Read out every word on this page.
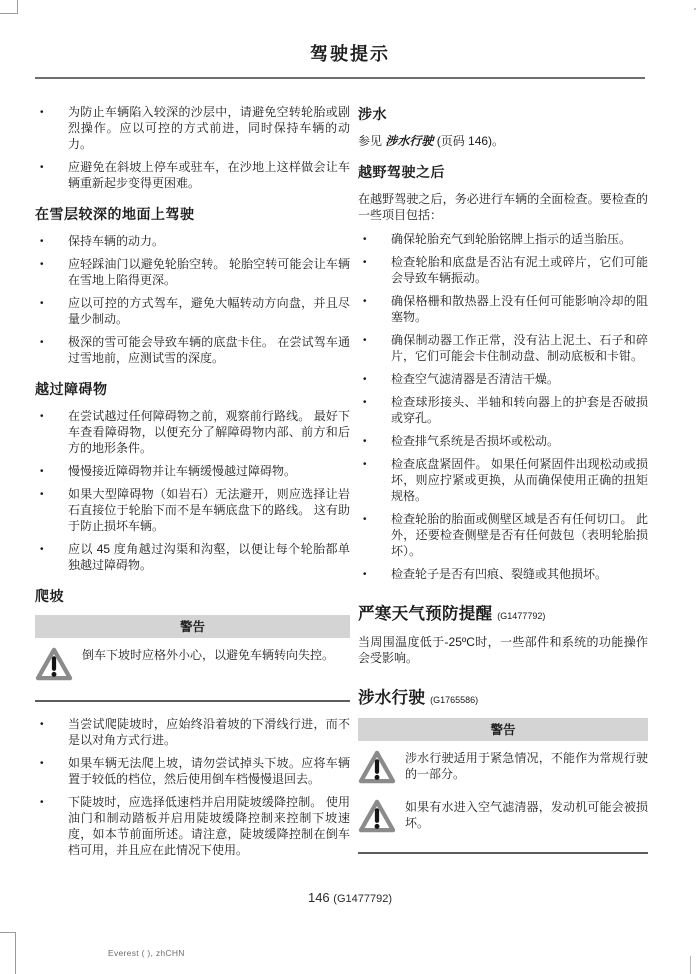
驾驶提示
• 为防止车辆陷入较深的沙层中，请避免空转轮胎或剧烈操作。应以可控的方式前进，同时保持车辆的动力。
• 应避免在斜坡上停车或驻车，在沙地上这样做会让车辆重新起步变得更困难。
在雪层较深的地面上驾驶
• 保持车辆的动力。
• 应轻踩油门以避免轮胎空转。 轮胎空转可能会让车辆在雪地上陷得更深。
• 应以可控的方式驾车，避免大幅转动方向盘，并且尽量少制动。
• 极深的雪可能会导致车辆的底盘卡住。 在尝试驾车通过雪地前，应测试雪的深度。
越过障碍物
• 在尝试越过任何障碍物之前，观察前行路线。 最好下车查看障碍物，以便充分了解障碍物内部、前方和后方的地形条件。
• 慢慢接近障碍物并让车辆缓慢越过障碍物。
• 如果大型障碍物（如岩石）无法避开，则应选择让岩石直接位于轮胎下而不是车辆底盘下的路线。 这有助于防止损坏车辆。
• 应以 45 度角越过沟渠和沟壑，以便让每个轮胎都单独越过障碍物。
爬坡
警告
倒车下坡时应格外小心，以避免车辆转向失控。
• 当尝试爬陡坡时，应始终沿着坡的下滑线行进，而不是以对角方式行进。
• 如果车辆无法爬上坡，请勿尝试掉头下坡。应将车辆置于较低的档位，然后使用倒车档慢慢退回去。
• 下陡坡时，应选择低速档并启用陡坡缓降控制。 使用油门和制动踏板并启用陡坡缓降控制来控制下坡速度，如本节前面所述。请注意，陡坡缓降控制在倒车档可用，并且应在此情况下使用。
涉水

参见 涉水行驶 (页码 146)。

越野驾驶之后

在越野驾驶之后，务必进行车辆的全面检查。要检查的一些项目包括：

• 确保轮胎充气到轮胎铭牌上指示的适当胎压。
• 检查轮胎和底盘是否沾有泥土或碎片，它们可能会导致车辆振动。
• 确保格栅和散热器上没有任何可能影响冷却的阻塞物。
• 确保制动器工作正常，没有沾上泥土、石子和碎片，它们可能会卡住制动盘、制动底板和卡钳。
• 检查空气滤清器是否清洁干燥。
• 检查球形接头、半轴和转向器上的护套是否破损或穿孔。
• 检查排气系统是否损坏或松动。
• 检查底盘紧固件。 如果任何紧固件出现松动或损坏，则应拧紧或更换，从而确保使用正确的扭矩规格。
• 检查轮胎的胎面或侧壁区域是否有任何切口。 此外，还要检查侧壁是否有任何鼓包（表明轮胎损坏）。
• 检查轮子是否有凹痕、裂缝或其他损坏。
严寒天气预防提醒 (G1477792)

当周围温度低于-25ºC时，一些部件和系统的功能操作会受影响。

涉水行驶 (G1765586)
警告
涉水行驶适用于紧急情况，不能作为常规行驶的一部分。
如果有水进入空气滤清器，发动机可能会被损坏。
146 (G1477792)
Everest ( ), zhCHN
